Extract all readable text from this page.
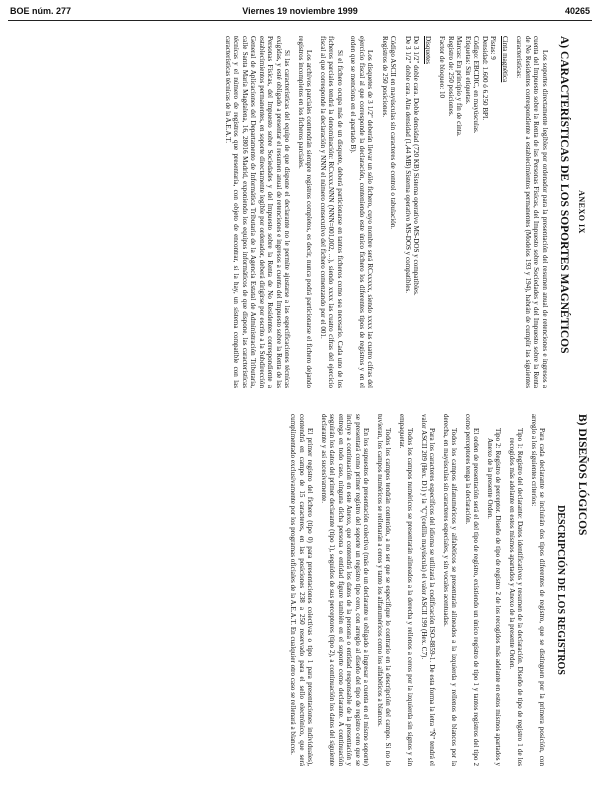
BOE núm. 277	Viernes 19 noviembre 1999	40265
ANEXO IX
A) CARACTERÍSTICAS DE LOS SOPORTES MAGNÉTICOS

Los soportes directamente legibles por ordenador para la presentación del resumen anual de retenciones e ingresos a cuenta del Impuesto sobre la Renta de las Personas Físicas, del Impuesto sobre Sociedades y del Impuesto sobre la Renta de No Residentes correspondiente a establecimientos permanentes (Modelos 193 y 194), habrán de cumplir las siguientes características:

Cinta magnética

Pistas: 9

Densidad: 1.600 ó 6.250 BPI.

Código: EBCDIC, en mayúsculas.

Etiquetas: Sin etiquetas.

Marcas: En principio y fin de cinta.

Registro de: 250 posiciones.

Factor de bloqueo: 10

Disquetes

De 3 1/2" doble cara. Doble densidad (720 KB) Sistema operativo MS-DOS y compatibles.

De 3 1/2" doble cara. Alta densidad (1,44 MB) Sistema operativo MS-DOS y compatibles.

Código ASCII en mayúsculas sin caracteres de control o tabulación.

Registros de 250 posiciones.

Los disquetes de 3 1/2" deberán llevar un sólo fichero, cuyo nombre será RCxxxxx, siendo xxxx las cuatro cifras del ejercicio fiscal al que corresponde la declaración, conteniendo este único fichero los diferentes tipos de registros y en el orden que se menciona en el apartado B).

Si el fichero ocupa más de un disquete, deberá particionarse en tantos ficheros como sea necesario. Cada uno de los ficheros parciales tendrá la denominación: RCxxxx.NNN (NNN=001,002, ...), siendo xxxx las cuatro cifras del ejercicio fiscal al que corresponde la declaración y NNN el número consecutivo del fichero comenzando por el 001.

Los archivos parciales contendrán siempre registros completos, es decir, nunca podrá particionarse el fichero dejando registros incompletos en los ficheros parciales.

Si las características del equipo de que dispone el declarante no le permite ajustarse a las especificaciones técnicas exigidas, y esté obligado a presentar el resumen anual de retenciones e ingresos a cuenta del Impuesto sobre la Renta de las Personas Físicas, del Impuesto sobre Sociedades y del Impuesto sobre la Renta de No Residentes correspondiente a establecimientos permanentes, en soporte directamente legible por ordenador, deberá dirigirse por escrito a la Subdirección General de Aplicaciones del Departamento de Informática Tributaria de la Agencia Estatal de Administración Tributaria, calle Santa María Magdalena, 16, 28016 Madrid, exponiendo los equipos informáticos de que dispone, las características técnicas y el número de registros que presentaría, con objeto de encontrar, si la hay, un sistema compatible con las características técnicas de la A.E.A.T.

B) DISEÑOS LÓGICOS
DESCRIPCIÓN DE LOS REGISTROS

Para cada declarante se incluirán dos tipos diferentes de registro, que se distinguen por la primera posición, con arreglo a los siguientes criterios:

Tipo 1: Registro del declarante: Datos identificativos y resumen de la declaración. Diseño de tipo de registro 1 de los recogidos más adelante en estos mismos apartados y Anexo de la presente Orden.

Tipo 2: Registro de perceptor. Diseño de tipo de registro 2 de los recogidos más adelante en estos mismos apartados y Anexo de la presente Orden.

El orden de presentación será el del tipo de registro, existiendo un único registro de tipo 1 y tantos registros del tipo 2 como perceptores tenga la declaración.

Todos los campos alfanuméricos y alfabéticos se presentarán alineados a la izquierda y rellenos de blancos por la derecha, en mayúsculas sin caracteres especiales, y sin vocales acentuadas.

Para los caracteres específicos del idioma se utilizará la codificación ISO-8859-1. De esta forma la letra "Ñ" tendrá el valor ASCII 209 (Hex. D1) y la "Ç"(cedilla mayúscula) el valor ASCII 199 (Hex. C7).

Todos los campos numéricos se presentarán alineados a la derecha y rellenos a ceros por la izquierda sin signos y sin empaquetar.

Todos los campos tendrán contenido, a no ser que se especifique lo contrario en la descripción del campo. Si no lo tuvieran, los campos numéricos se rellenarán a ceros y tanto los alfanuméricos como los alfabéticos a blancos.

En los supuestos de presentación colectiva (más de un declarante u obligado a ingresar a cuenta en el mismo soporte) se presentará como primer registro del soporte un registro tipo cero, con arreglo al diseño del tipo de registro cero que se incluye a continuación en este Anexo, que contendrá los datos de la persona o entidad responsable de la presentación y entrega en todo caso, ninguna dicha persona o entidad figure también en el soporte como declarante. A continuación seguirán los datos del primer declarante (tipo 1), seguidos de sus perceptores (tipo 2), a continuación los datos del siguiente declarante y así sucesivamente.

El primer registro del fichero (tipo 0) para presentaciones colectivas o tipo 1 para presentaciones individuales), contendrá en campo de 15 caracteres, en las posiciones 238 a 250 reservado para el sello electrónico, que será cumplimentado exclusivamente por los programas oficiales de la A.E.A.T. En cualquier otro caso se rellenará a blancos.
